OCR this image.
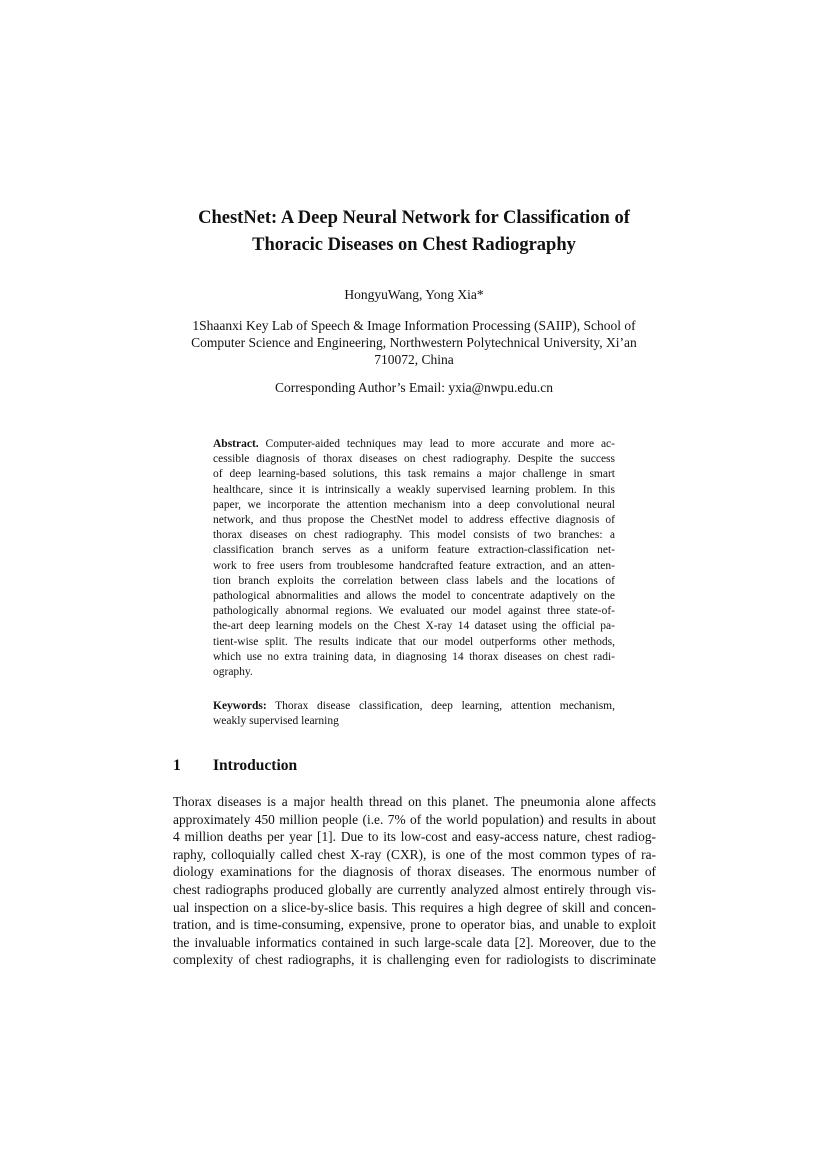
ChestNet: A Deep Neural Network for Classification of
Thoracic Diseases on Chest Radiography
HongyuWang, Yong Xia*
1Shaanxi Key Lab of Speech & Image Information Processing (SAIIP), School of
Computer Science and Engineering, Northwestern Polytechnical University, Xi’an
710072, China
Corresponding Author’s Email: yxia@nwpu.edu.cn
Abstract. Computer-aided techniques may lead to more accurate and more ac-
cessible diagnosis of thorax diseases on chest radiography. Despite the success
of deep learning-based solutions, this task remains a major challenge in smart
healthcare, since it is intrinsically a weakly supervised learning problem. In this
paper, we incorporate the attention mechanism into a deep convolutional neural
network, and thus propose the ChestNet model to address effective diagnosis of
thorax diseases on chest radiography. This model consists of two branches: a
classification branch serves as a uniform feature extraction-classification net-
work to free users from troublesome handcrafted feature extraction, and an atten-
tion branch exploits the correlation between class labels and the locations of
pathological abnormalities and allows the model to concentrate adaptively on the
pathologically abnormal regions. We evaluated our model against three state-of-
the-art deep learning models on the Chest X-ray 14 dataset using the official pa-
tient-wise split. The results indicate that our model outperforms other methods,
which use no extra training data, in diagnosing 14 thorax diseases on chest radi-
ography.
Keywords: Thorax disease classification, deep learning, attention mechanism,
weakly supervised learning
1 Introduction
Thorax diseases is a major health thread on this planet. The pneumonia alone affects
approximately 450 million people (i.e. 7% of the world population) and results in about
4 million deaths per year [1]. Due to its low-cost and easy-access nature, chest radiog-
raphy, colloquially called chest X-ray (CXR), is one of the most common types of ra-
diology examinations for the diagnosis of thorax diseases. The enormous number of
chest radiographs produced globally are currently analyzed almost entirely through vis-
ual inspection on a slice-by-slice basis. This requires a high degree of skill and concen-
tration, and is time-consuming, expensive, prone to operator bias, and unable to exploit
the invaluable informatics contained in such large-scale data [2]. Moreover, due to the
complexity of chest radiographs, it is challenging even for radiologists to discriminate
